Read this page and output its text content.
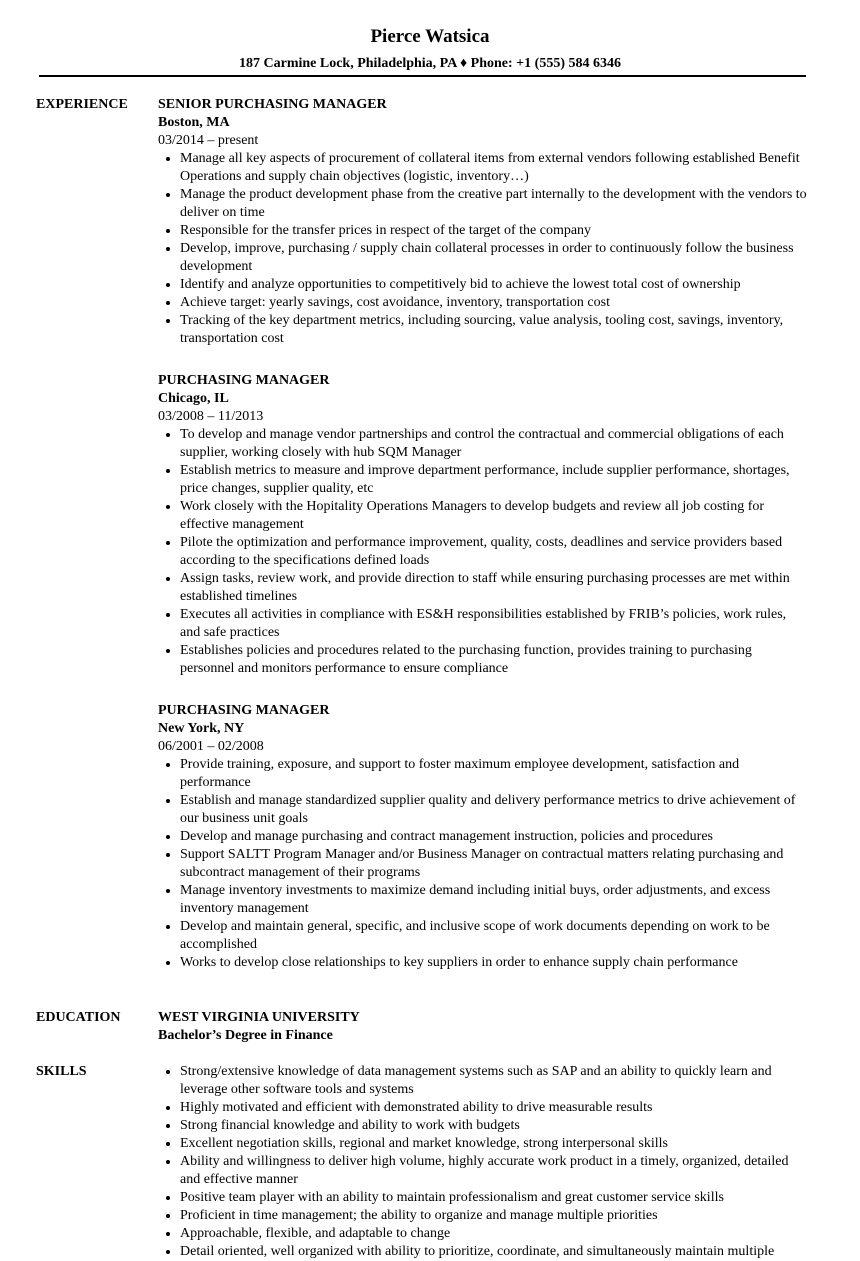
Pierce Watsica
187 Carmine Lock, Philadelphia, PA ♦ Phone: +1 (555) 584 6346
EXPERIENCE	SENIOR PURCHASING MANAGER
Boston, MA
03/2014 – present
• Manage all key aspects of procurement of collateral items from external vendors following established Benefit Operations and supply chain objectives (logistic, inventory…)
• Manage the product development phase from the creative part internally to the development with the vendors to deliver on time
• Responsible for the transfer prices in respect of the target of the company
• Develop, improve, purchasing / supply chain collateral processes in order to continuously follow the business development
• Identify and analyze opportunities to competitively bid to achieve the lowest total cost of ownership
• Achieve target: yearly savings, cost avoidance, inventory, transportation cost
• Tracking of the key department metrics, including sourcing, value analysis, tooling cost, savings, inventory, transportation cost
PURCHASING MANAGER
Chicago, IL
03/2008 – 11/2013
• To develop and manage vendor partnerships and control the contractual and commercial obligations of each supplier, working closely with hub SQM Manager
• Establish metrics to measure and improve department performance, include supplier performance, shortages, price changes, supplier quality, etc
• Work closely with the Hopitality Operations Managers to develop budgets and review all job costing for effective management
• Pilote the optimization and performance improvement, quality, costs, deadlines and service providers based according to the specifications defined loads
• Assign tasks, review work, and provide direction to staff while ensuring purchasing processes are met within established timelines
• Executes all activities in compliance with ES&H responsibilities established by FRIB’s policies, work rules, and safe practices
• Establishes policies and procedures related to the purchasing function, provides training to purchasing personnel and monitors performance to ensure compliance
PURCHASING MANAGER
New York, NY
06/2001 – 02/2008
• Provide training, exposure, and support to foster maximum employee development, satisfaction and performance
• Establish and manage standardized supplier quality and delivery performance metrics to drive achievement of our business unit goals
• Develop and manage purchasing and contract management instruction, policies and procedures
• Support SALTT Program Manager and/or Business Manager on contractual matters relating purchasing and subcontract management of their programs
• Manage inventory investments to maximize demand including initial buys, order adjustments, and excess inventory management
• Develop and maintain general, specific, and inclusive scope of work documents depending on work to be accomplished
• Works to develop close relationships to key suppliers in order to enhance supply chain performance
EDUCATION	WEST VIRGINIA UNIVERSITY
Bachelor’s Degree in Finance
SKILLS
•	Strong/extensive knowledge of data management systems such as SAP and an ability to quickly learn and leverage other software tools and systems
• Highly motivated and efficient with demonstrated ability to drive measurable results
• Strong financial knowledge and ability to work with budgets
• Excellent negotiation skills, regional and market knowledge, strong interpersonal skills
• Ability and willingness to deliver high volume, highly accurate work product in a timely, organized, detailed and effective manner
• Positive team player with an ability to maintain professionalism and great customer service skills
• Proficient in time management; the ability to organize and manage multiple priorities
• Approachable, flexible, and adaptable to change
• Detail oriented, well organized with ability to prioritize, coordinate, and simultaneously maintain multiple
